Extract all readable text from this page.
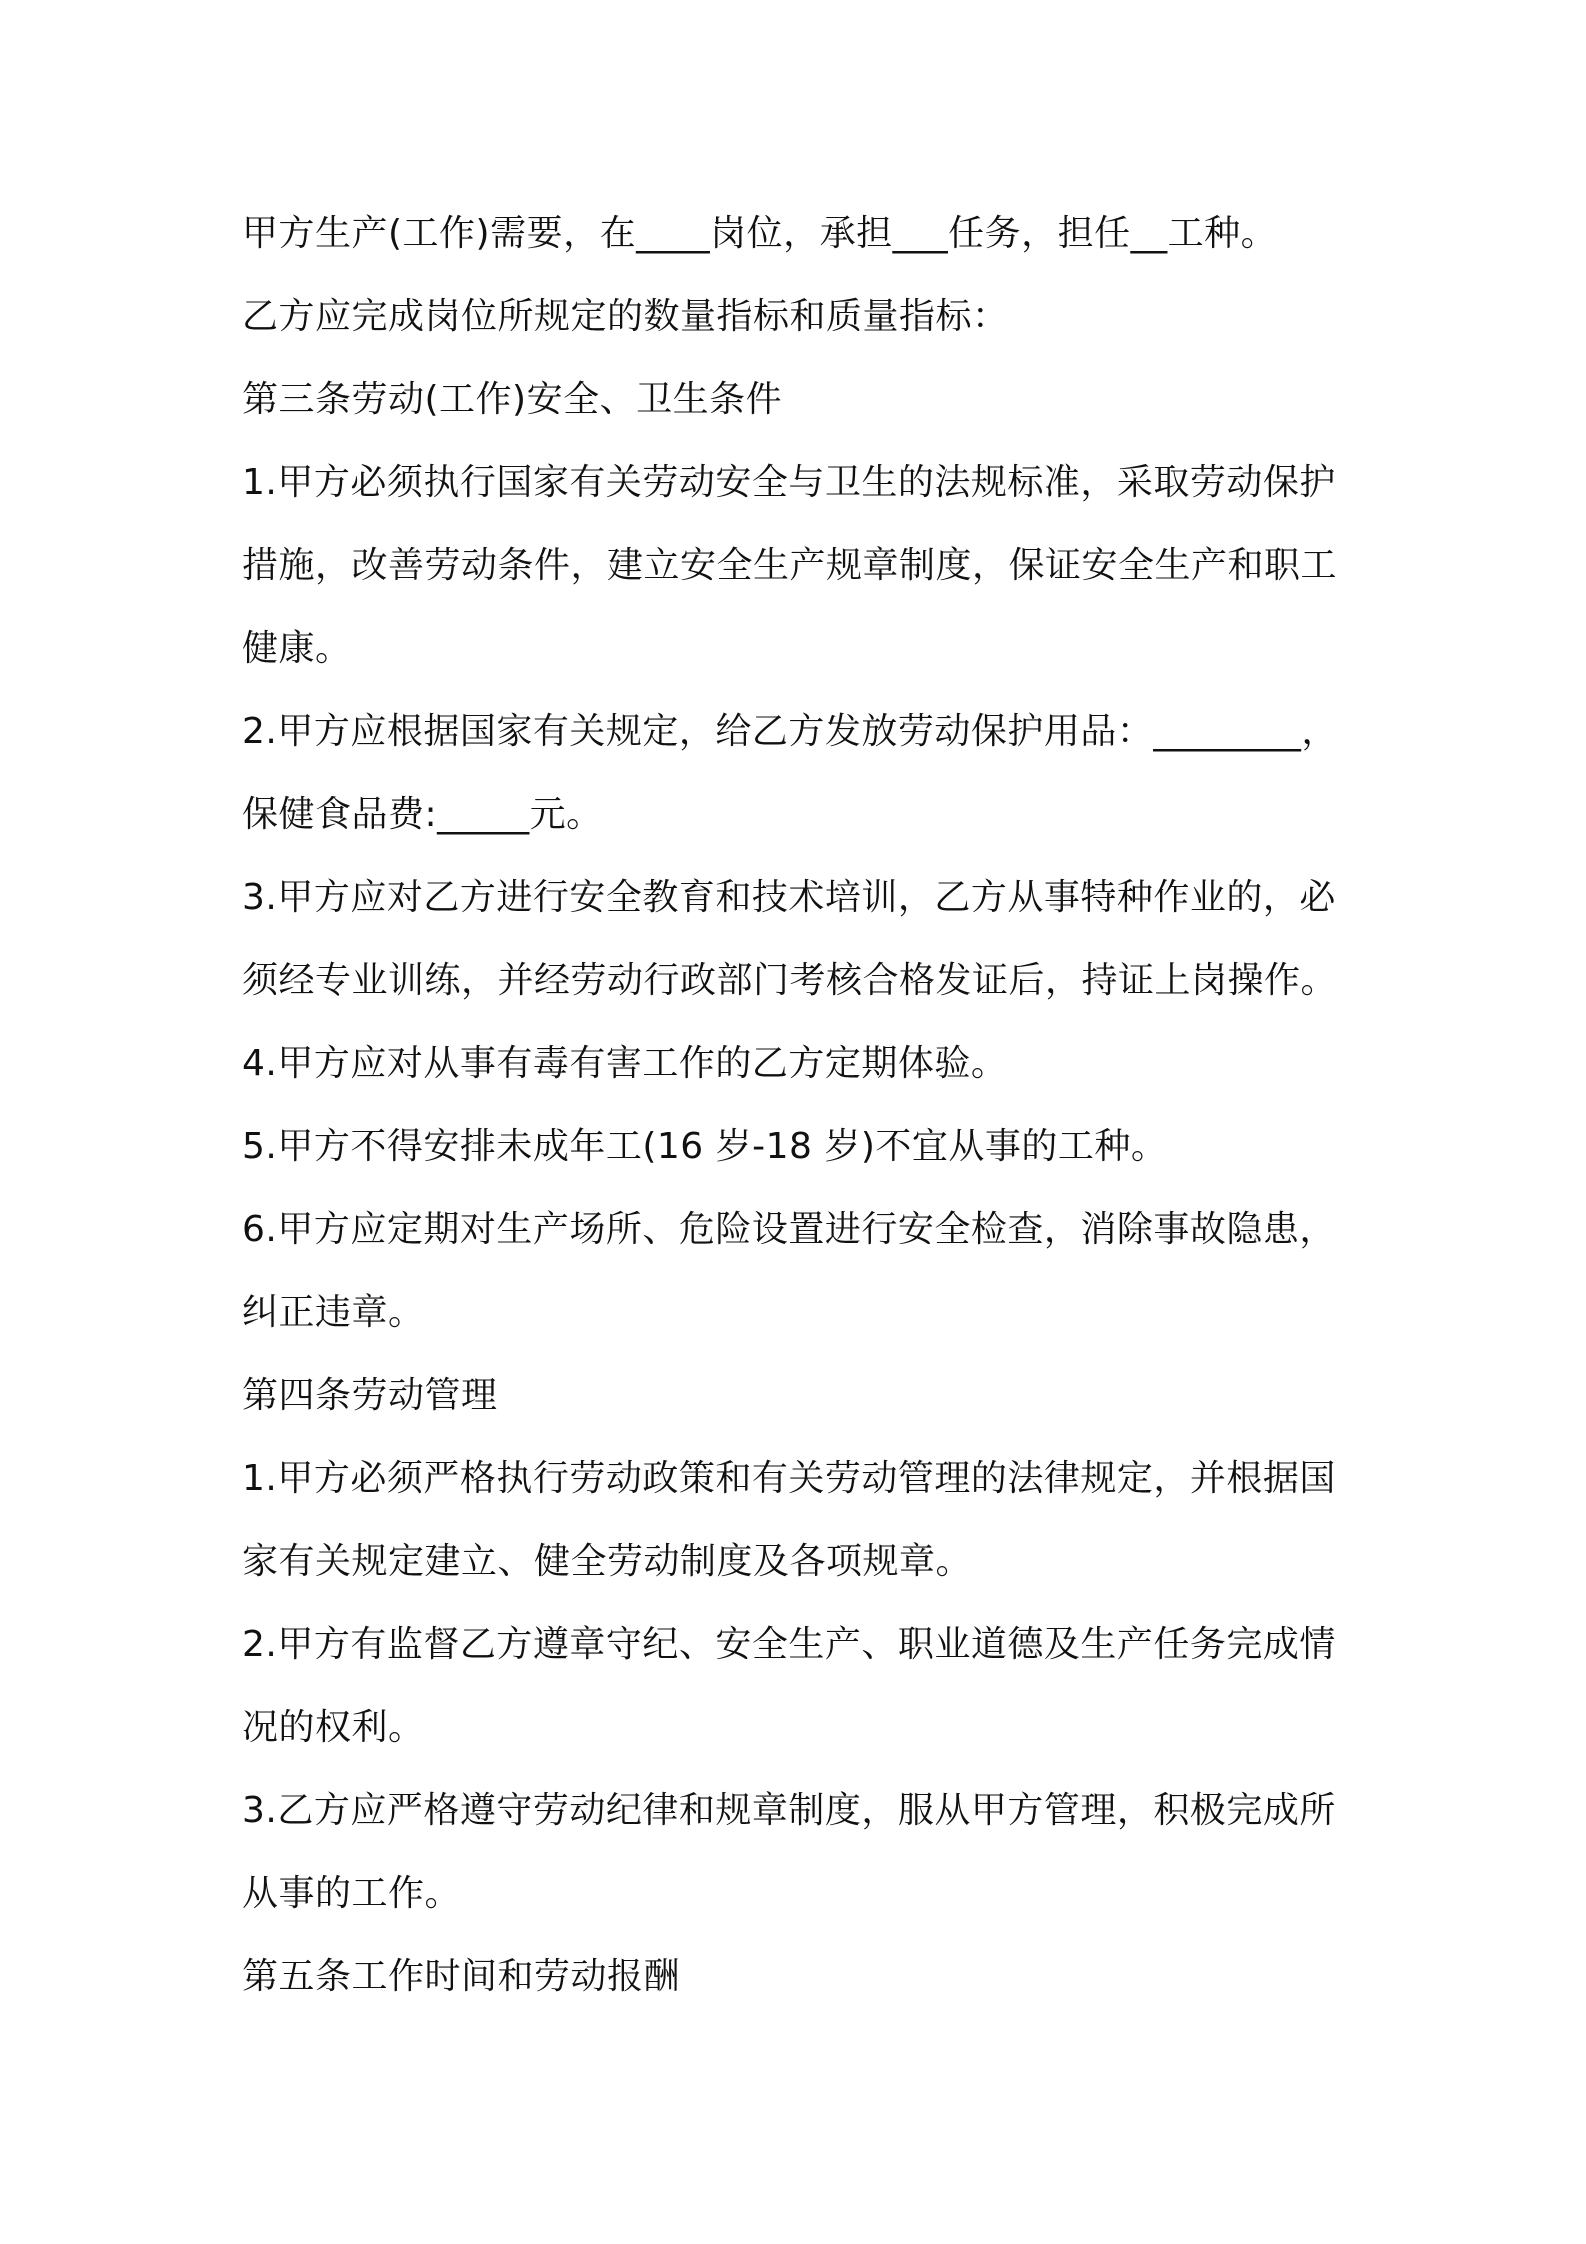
甲方生产(工作)需要，在____岗位，承担___任务，担任__工种。
乙方应完成岗位所规定的数量指标和质量指标：
第三条劳动(工作)安全、卫生条件
1.甲方必须执行国家有关劳动安全与卫生的法规标准，采取劳动保护
措施，改善劳动条件，建立安全生产规章制度，保证安全生产和职工
健康。
2.甲方应根据国家有关规定，给乙方发放劳动保护用品：________，
保健食品费:_____元。
3.甲方应对乙方进行安全教育和技术培训，乙方从事特种作业的，必
须经专业训练，并经劳动行政部门考核合格发证后，持证上岗操作。
4.甲方应对从事有毒有害工作的乙方定期体验。
5.甲方不得安排未成年工(16 岁-18 岁)不宜从事的工种。
6.甲方应定期对生产场所、危险设置进行安全检查，消除事故隐患，
纠正违章。
第四条劳动管理
1.甲方必须严格执行劳动政策和有关劳动管理的法律规定，并根据国
家有关规定建立、健全劳动制度及各项规章。
2.甲方有监督乙方遵章守纪、安全生产、职业道德及生产任务完成情
况的权利。
3.乙方应严格遵守劳动纪律和规章制度，服从甲方管理，积极完成所
从事的工作。
第五条工作时间和劳动报酬
